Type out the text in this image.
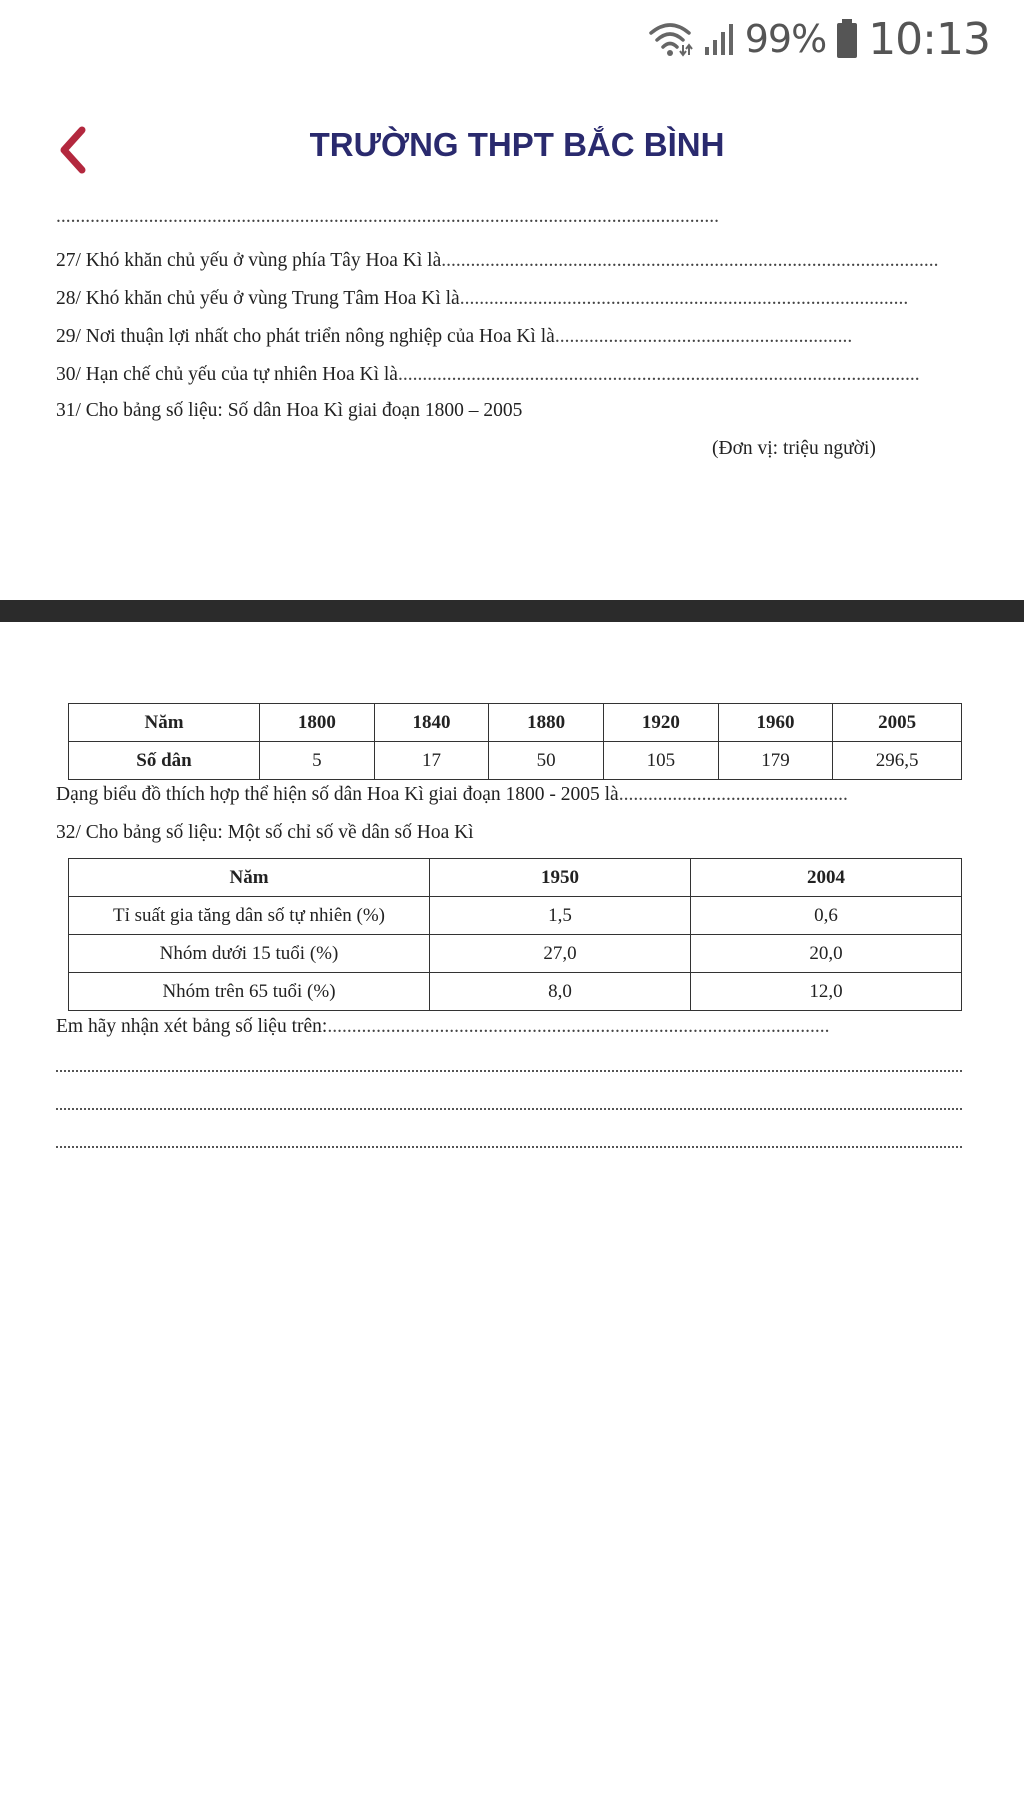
99% 10:13
TRƯỜNG THPT BẮC BÌNH
........................................................................................................................................
27/ Khó khăn chủ yếu ở vùng phía Tây Hoa Kì là......................................................................................................
28/ Khó khăn chủ yếu ở vùng Trung Tâm Hoa Kì là............................................................................................
29/ Nơi thuận lợi nhất cho phát triển nông nghiệp của Hoa Kì là.............................................................
30/ Hạn chế chủ yếu của tự nhiên Hoa Kì là...........................................................................................................
31/ Cho bảng số liệu: Số dân Hoa Kì giai đoạn 1800 – 2005
(Đơn vị: triệu người)
Năm	1800	1840	1880	1920	1960	2005
Số dân	5	17	50	105	179	296,5
Dạng biểu đồ thích hợp thể hiện số dân Hoa Kì giai đoạn 1800 - 2005 là...............................................
32/ Cho bảng số liệu: Một số chỉ số về dân số Hoa Kì
Năm	1950	2004
Tỉ suất gia tăng dân số tự nhiên (%)	1,5	0,6
Nhóm dưới 15 tuổi (%)	27,0	20,0
Nhóm trên 65 tuổi (%)	8,0	12,0
Em hãy nhận xét bảng số liệu trên:.......................................................................................................
